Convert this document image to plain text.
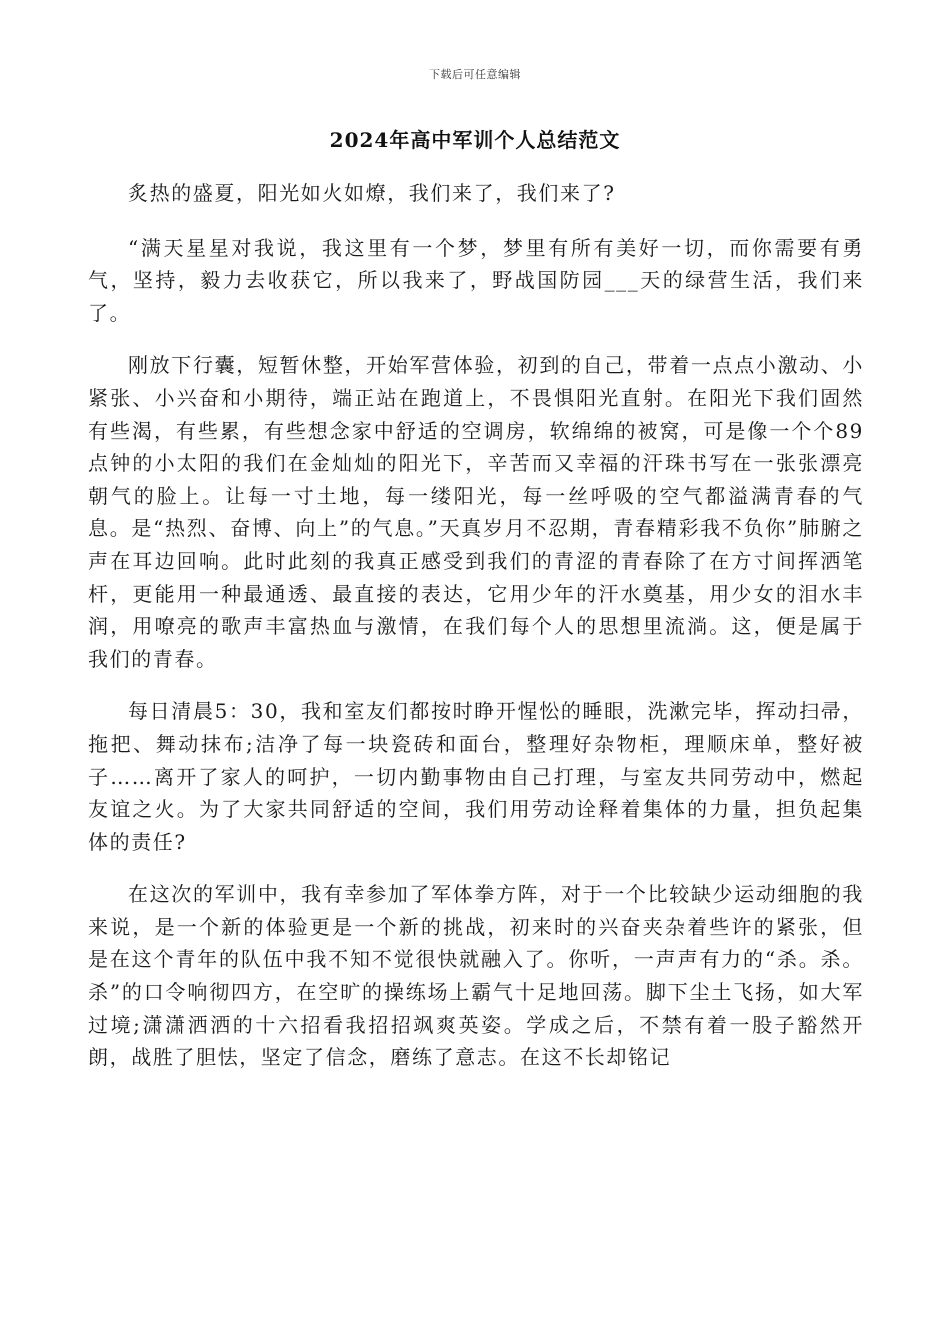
下载后可任意编辑
2024年高中军训个人总结范文

炙热的盛夏，阳光如火如燎，我们来了，我们来了?

“满天星星对我说，我这里有一个梦，梦里有所有美好一切，而你需要有勇气，坚持，毅力去收获它，所以我来了，野战国防园___天的绿营生活，我们来了。

刚放下行囊，短暂休整，开始军营体验，初到的自己，带着一点点小激动、小紧张、小兴奋和小期待，端正站在跑道上，不畏惧阳光直射。在阳光下我们固然有些渴，有些累，有些想念家中舒适的空调房，软绵绵的被窝，可是像一个个89点钟的小太阳的我们在金灿灿的阳光下，辛苦而又幸福的汗珠书写在一张张漂亮朝气的脸上。让每一寸土地，每一缕阳光，每一丝呼吸的空气都溢满青春的气息。是“热烈、奋博、向上”的气息。”天真岁月不忍期，青春精彩我不负你”肺腑之声在耳边回响。此时此刻的我真正感受到我们的青涩的青春除了在方寸间挥洒笔杆，更能用一种最通透、最直接的表达，它用少年的汗水奠基，用少女的泪水丰润，用嘹亮的歌声丰富热血与激情，在我们每个人的思想里流淌。这，便是属于我们的青春。

每日清晨5：30，我和室友们都按时睁开惺忪的睡眼，洗漱完毕，挥动扫帚，拖把、舞动抹布;洁净了每一块瓷砖和面台，整理好杂物柜，理顺床单，整好被子……离开了家人的呵护，一切内勤事物由自己打理，与室友共同劳动中，燃起友谊之火。为了大家共同舒适的空间，我们用劳动诠释着集体的力量，担负起集体的责任?

在这次的军训中，我有幸参加了军体拳方阵，对于一个比较缺少运动细胞的我来说，是一个新的体验更是一个新的挑战，初来时的兴奋夹杂着些许的紧张，但是在这个青年的队伍中我不知不觉很快就融入了。你听，一声声有力的“杀。杀。杀”的口令响彻四方，在空旷的操练场上霸气十足地回荡。脚下尘土飞扬，如大军过境;潇潇洒洒的十六招看我招招飒爽英姿。学成之后，不禁有着一股子豁然开朗，战胜了胆怯，坚定了信念，磨练了意志。在这不长却铭记
